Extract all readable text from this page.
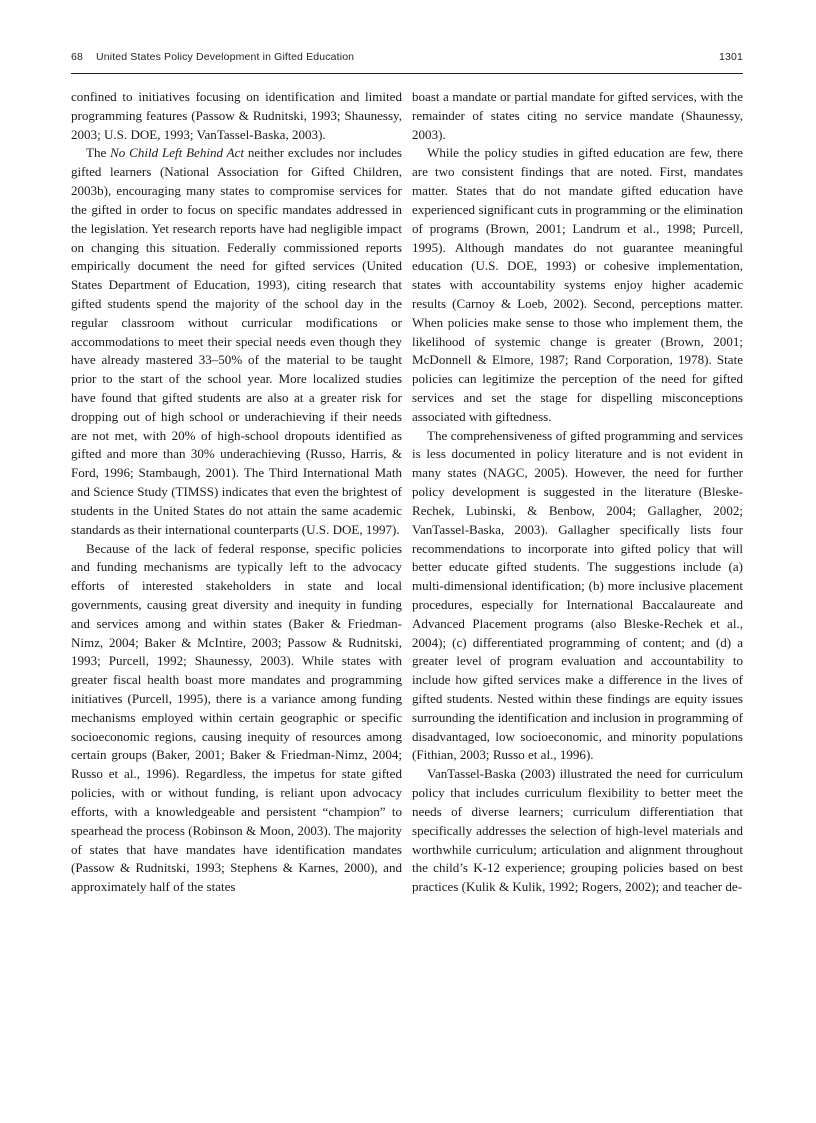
68 United States Policy Development in Gifted Education	1301

confined to initiatives focusing on identification and limited programming features (Passow & Rudnitski, 1993; Shaunessy, 2003; U.S. DOE, 1993; VanTassel-Baska, 2003).

The No Child Left Behind Act neither excludes nor includes gifted learners (National Association for Gifted Children, 2003b), encouraging many states to compromise services for the gifted in order to focus on specific mandates addressed in the legislation. Yet research reports have had negligible impact on changing this situation. Federally commissioned reports empirically document the need for gifted services (United States Department of Education, 1993), citing research that gifted students spend the majority of the school day in the regular classroom without curricular modifications or accommodations to meet their special needs even though they have already mastered 33–50% of the material to be taught prior to the start of the school year. More localized studies have found that gifted students are also at a greater risk for dropping out of high school or underachieving if their needs are not met, with 20% of high-school dropouts identified as gifted and more than 30% underachieving (Russo, Harris, & Ford, 1996; Stambaugh, 2001). The Third International Math and Science Study (TIMSS) indicates that even the brightest of students in the United States do not attain the same academic standards as their international counterparts (U.S. DOE, 1997).

Because of the lack of federal response, specific policies and funding mechanisms are typically left to the advocacy efforts of interested stakeholders in state and local governments, causing great diversity and inequity in funding and services among and within states (Baker & Friedman-Nimz, 2004; Baker & McIntire, 2003; Passow & Rudnitski, 1993; Purcell, 1992; Shaunessy, 2003). While states with greater fiscal health boast more mandates and programming initiatives (Purcell, 1995), there is a variance among funding mechanisms employed within certain geographic or specific socioeconomic regions, causing inequity of resources among certain groups (Baker, 2001; Baker & Friedman-Nimz, 2004; Russo et al., 1996). Regardless, the impetus for state gifted policies, with or without funding, is reliant upon advocacy efforts, with a knowledgeable and persistent “champion” to spearhead the process (Robinson & Moon, 2003). The majority of states that have mandates have identification mandates (Passow & Rudnitski, 1993; Stephens & Karnes, 2000), and approximately half of the states

boast a mandate or partial mandate for gifted services, with the remainder of states citing no service mandate (Shaunessy, 2003).

While the policy studies in gifted education are few, there are two consistent findings that are noted. First, mandates matter. States that do not mandate gifted education have experienced significant cuts in programming or the elimination of programs (Brown, 2001; Landrum et al., 1998; Purcell, 1995). Although mandates do not guarantee meaningful education (U.S. DOE, 1993) or cohesive implementation, states with accountability systems enjoy higher academic results (Carnoy & Loeb, 2002). Second, perceptions matter. When policies make sense to those who implement them, the likelihood of systemic change is greater (Brown, 2001; McDonnell & Elmore, 1987; Rand Corporation, 1978). State policies can legitimize the perception of the need for gifted services and set the stage for dispelling misconceptions associated with giftedness.

The comprehensiveness of gifted programming and services is less documented in policy literature and is not evident in many states (NAGC, 2005). However, the need for further policy development is suggested in the literature (Bleske-Rechek, Lubinski, & Benbow, 2004; Gallagher, 2002; VanTassel-Baska, 2003). Gallagher specifically lists four recommendations to incorporate into gifted policy that will better educate gifted students. The suggestions include (a) multi-dimensional identification; (b) more inclusive placement procedures, especially for International Baccalaureate and Advanced Placement programs (also Bleske-Rechek et al., 2004); (c) differentiated programming of content; and (d) a greater level of program evaluation and accountability to include how gifted services make a difference in the lives of gifted students. Nested within these findings are equity issues surrounding the identification and inclusion in programming of disadvantaged, low socioeconomic, and minority populations (Fithian, 2003; Russo et al., 1996).

VanTassel-Baska (2003) illustrated the need for curriculum policy that includes curriculum flexibility to better meet the needs of diverse learners; curriculum differentiation that specifically addresses the selection of high-level materials and worthwhile curriculum; articulation and alignment throughout the child’s K-12 experience; grouping policies based on best practices (Kulik & Kulik, 1992; Rogers, 2002); and teacher de-
